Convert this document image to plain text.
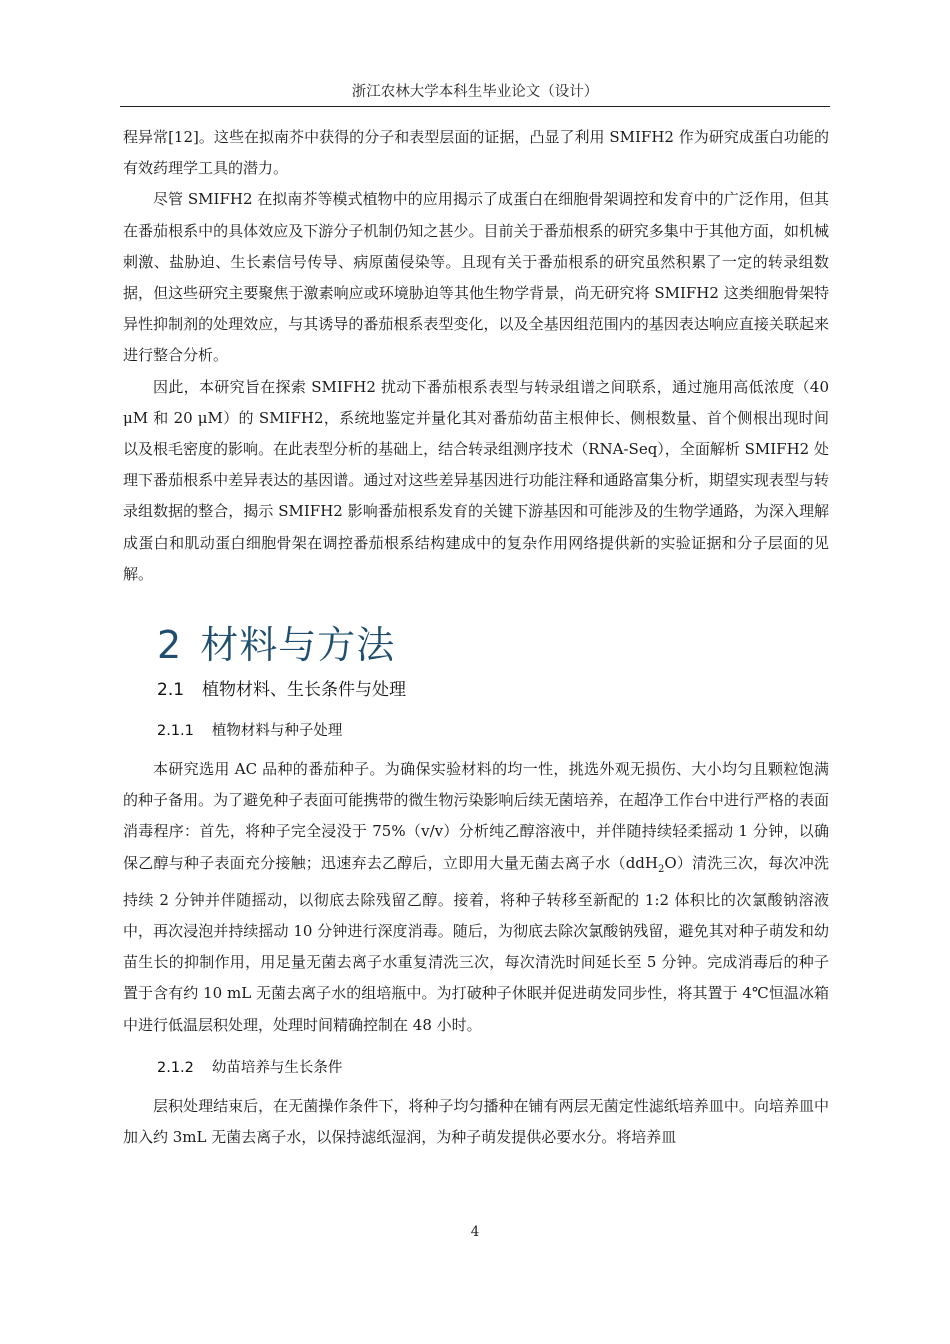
浙江农林大学本科生毕业论文（设计）

程异常[12]。这些在拟南芥中获得的分子和表型层面的证据，凸显了利用 SMIFH2 作为研究成蛋白功能的有效药理学工具的潜力。

尽管 SMIFH2 在拟南芥等模式植物中的应用揭示了成蛋白在细胞骨架调控和发育中的广泛作用，但其在番茄根系中的具体效应及下游分子机制仍知之甚少。目前关于番茄根系的研究多集中于其他方面，如机械刺激、盐胁迫、生长素信号传导、病原菌侵染等。且现有关于番茄根系的研究虽然积累了一定的转录组数据，但这些研究主要聚焦于激素响应或环境胁迫等其他生物学背景，尚无研究将 SMIFH2 这类细胞骨架特异性抑制剂的处理效应，与其诱导的番茄根系表型变化，以及全基因组范围内的基因表达响应直接关联起来进行整合分析。

因此，本研究旨在探索 SMIFH2 扰动下番茄根系表型与转录组谱之间联系，通过施用高低浓度（40 μM 和 20 μM）的 SMIFH2，系统地鉴定并量化其对番茄幼苗主根伸长、侧根数量、首个侧根出现时间以及根毛密度的影响。在此表型分析的基础上，结合转录组测序技术（RNA-Seq），全面解析 SMIFH2 处理下番茄根系中差异表达的基因谱。通过对这些差异基因进行功能注释和通路富集分析，期望实现表型与转录组数据的整合，揭示 SMIFH2 影响番茄根系发育的关键下游基因和可能涉及的生物学通路，为深入理解成蛋白和肌动蛋白细胞骨架在调控番茄根系结构建成中的复杂作用网络提供新的实验证据和分子层面的见解。

2 材料与方法
2.1 植物材料、生长条件与处理
2.1.1 植物材料与种子处理

本研究选用 AC 品种的番茄种子。为确保实验材料的均一性，挑选外观无损伤、大小均匀且颗粒饱满的种子备用。为了避免种子表面可能携带的微生物污染影响后续无菌培养，在超净工作台中进行严格的表面消毒程序：首先，将种子完全浸没于 75%（v/v）分析纯乙醇溶液中，并伴随持续轻柔摇动 1 分钟，以确保乙醇与种子表面充分接触；迅速弃去乙醇后，立即用大量无菌去离子水（ddH$_2$O）清洗三次，每次冲洗持续 2 分钟并伴随摇动，以彻底去除残留乙醇。接着，将种子转移至新配的 1:2 体积比的次氯酸钠溶液中，再次浸泡并持续摇动 10 分钟进行深度消毒。随后，为彻底去除次氯酸钠残留，避免其对种子萌发和幼苗生长的抑制作用，用足量无菌去离子水重复清洗三次，每次清洗时间延长至 5 分钟。完成消毒后的种子置于含有约 10 mL 无菌去离子水的组培瓶中。为打破种子休眠并促进萌发同步性，将其置于 4℃恒温冰箱中进行低温层积处理，处理时间精确控制在 48 小时。

2.1.2 幼苗培养与生长条件

层积处理结束后，在无菌操作条件下，将种子均匀播种在铺有两层无菌定性滤纸培养皿中。向培养皿中加入约 3mL 无菌去离子水，以保持滤纸湿润，为种子萌发提供必要水分。将培养皿

4
